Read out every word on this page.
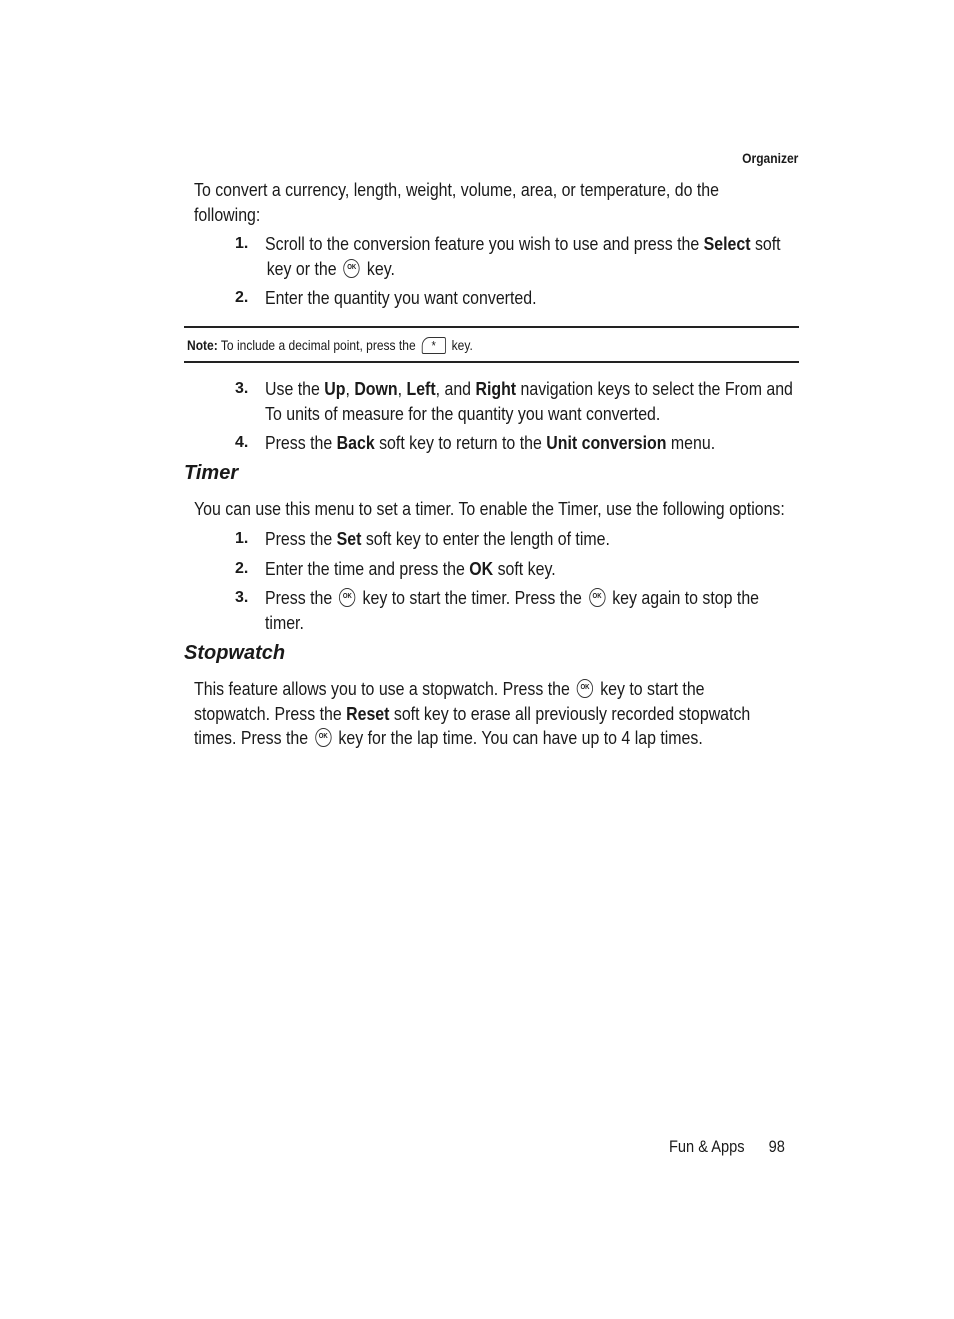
Organizer
To convert a currency, length, weight, volume, area, or temperature, do the
following:
1. Scroll to the conversion feature you wish to use and press the Select soft
key or the OK key.
2. Enter the quantity you want converted.
Note: To include a decimal point, press the * key.
3. Use the Up, Down, Left, and Right navigation keys to select the From and
To units of measure for the quantity you want converted.
4. Press the Back soft key to return to the Unit conversion menu.
Timer
You can use this menu to set a timer. To enable the Timer, use the following options:
1. Press the Set soft key to enter the length of time.
2. Enter the time and press the OK soft key.
3. Press the OK key to start the timer. Press the OK key again to stop the
timer.
Stopwatch
This feature allows you to use a stopwatch. Press the OK key to start the
stopwatch. Press the Reset soft key to erase all previously recorded stopwatch
times. Press the OK key for the lap time. You can have up to 4 lap times.
Fun & Apps 98
